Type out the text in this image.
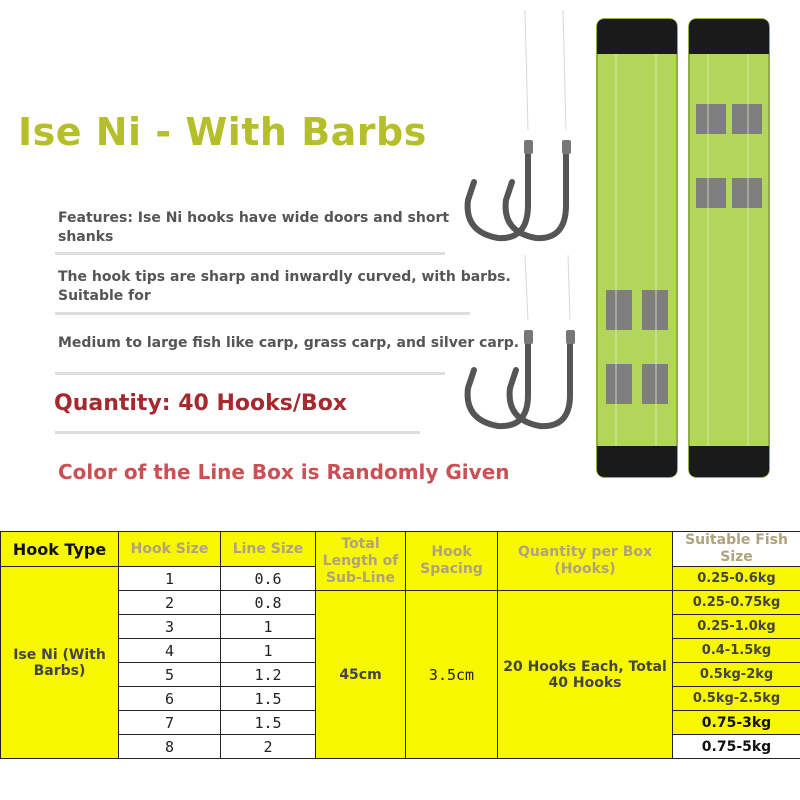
Ise Ni - With Barbs
Features: Ise Ni hooks have wide doors and short shanks
The hook tips are sharp and inwardly curved, with barbs. Suitable for
Medium to large fish like carp, grass carp, and silver carp.
Quantity: 40 Hooks/Box
Color of the Line Box is Randomly Given
Hook Type	Hook Size	Line Size	Total Length of Sub-Line	Hook Spacing	Quantity per Box (Hooks)	Suitable Fish Size
Ise Ni (With Barbs)	1	0.6				0.25-0.6kg
	2	0.8	45cm	3.5cm	20 Hooks Each, Total 40 Hooks	0.25-0.75kg
	3	1				0.25-1.0kg
	4	1				0.4-1.5kg
	5	1.2				0.5kg-2kg
	6	1.5				0.5kg-2.5kg
	7	1.5				0.75-3kg
	8	2				0.75-5kg
